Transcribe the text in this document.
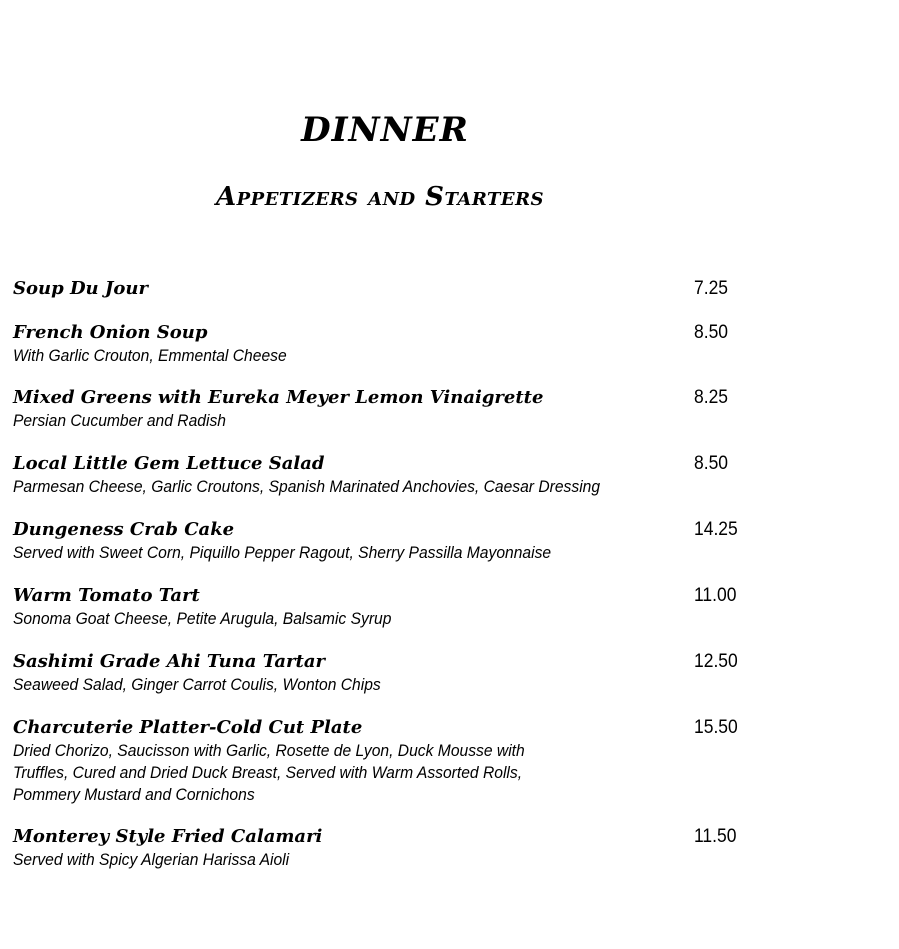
DINNER
Appetizers and Starters
Soup Du Jour	7.25
French Onion Soup
With Garlic Crouton, Emmental Cheese
8.50
Mixed Greens with Eureka Meyer Lemon Vinaigrette
Persian Cucumber and Radish
8.25
Local Little Gem Lettuce Salad
Parmesan Cheese, Garlic Croutons, Spanish Marinated Anchovies, Caesar Dressing
8.50
Dungeness Crab Cake
Served with Sweet Corn, Piquillo Pepper Ragout, Sherry Passilla Mayonnaise
14.25
Warm Tomato Tart
Sonoma Goat Cheese, Petite Arugula, Balsamic Syrup
11.00
Sashimi Grade Ahi Tuna Tartar
Seaweed Salad, Ginger Carrot Coulis, Wonton Chips
12.50
Charcuterie Platter-Cold Cut Plate
Dried Chorizo, Saucisson with Garlic, Rosette de Lyon, Duck Mousse with
Truffles, Cured and Dried Duck Breast, Served with Warm Assorted Rolls,
Pommery Mustard and Cornichons
15.50
Monterey Style Fried Calamari
Served with Spicy Algerian Harissa Aioli
11.50
